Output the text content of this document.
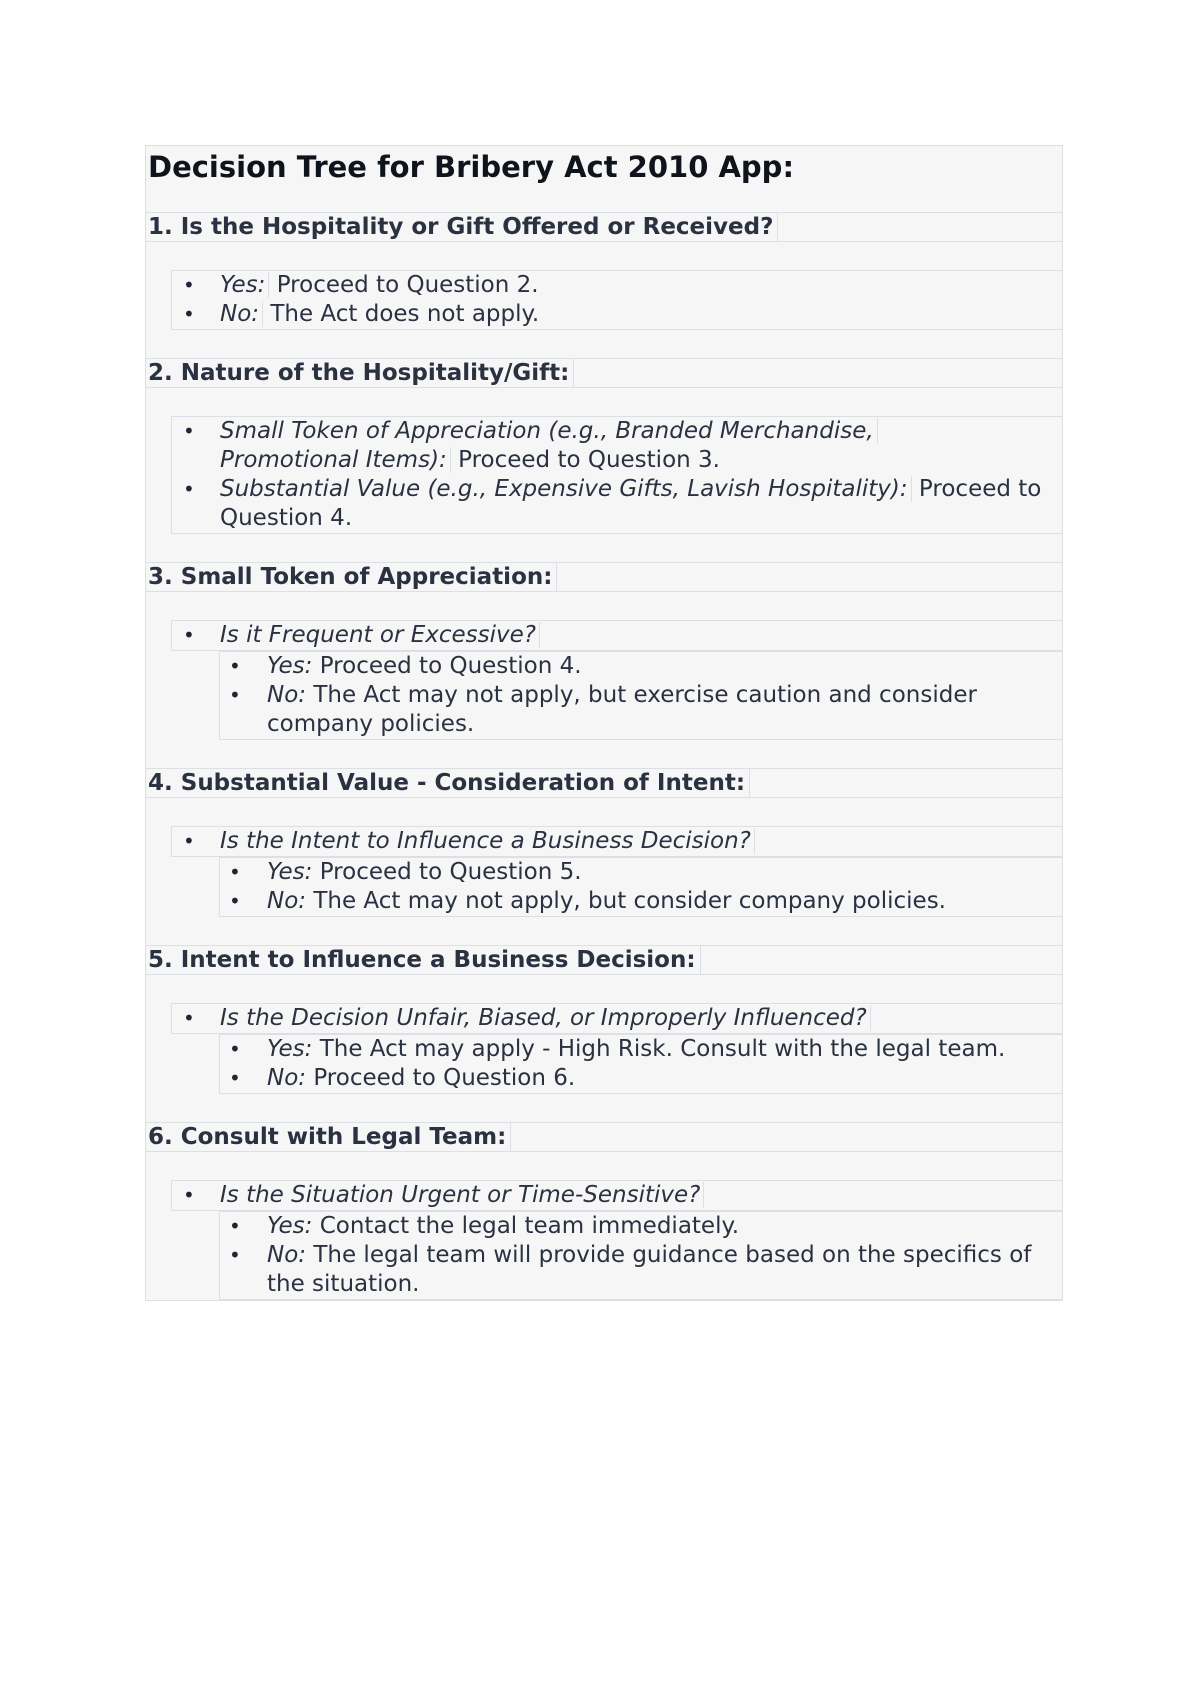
Decision Tree for Bribery Act 2010 App:
1. Is the Hospitality or Gift Offered or Received?
• Yes: Proceed to Question 2.
• No: The Act does not apply.
2. Nature of the Hospitality/Gift:
• Small Token of Appreciation (e.g., Branded Merchandise,
Promotional Items): Proceed to Question 3.
• Substantial Value (e.g., Expensive Gifts, Lavish Hospitality): Proceed to Question 4.
3. Small Token of Appreciation:
• Is it Frequent or Excessive?
• Yes: Proceed to Question 4.
• No: The Act may not apply, but exercise caution and consider company policies.
4. Substantial Value - Consideration of Intent:
• Is the Intent to Influence a Business Decision?
• Yes: Proceed to Question 5.
• No: The Act may not apply, but consider company policies.
5. Intent to Influence a Business Decision:
• Is the Decision Unfair, Biased, or Improperly Influenced?
• Yes: The Act may apply - High Risk. Consult with the legal team.
• No: Proceed to Question 6.
6. Consult with Legal Team:
• Is the Situation Urgent or Time-Sensitive?
• Yes: Contact the legal team immediately.
• No: The legal team will provide guidance based on the specifics of the situation.
